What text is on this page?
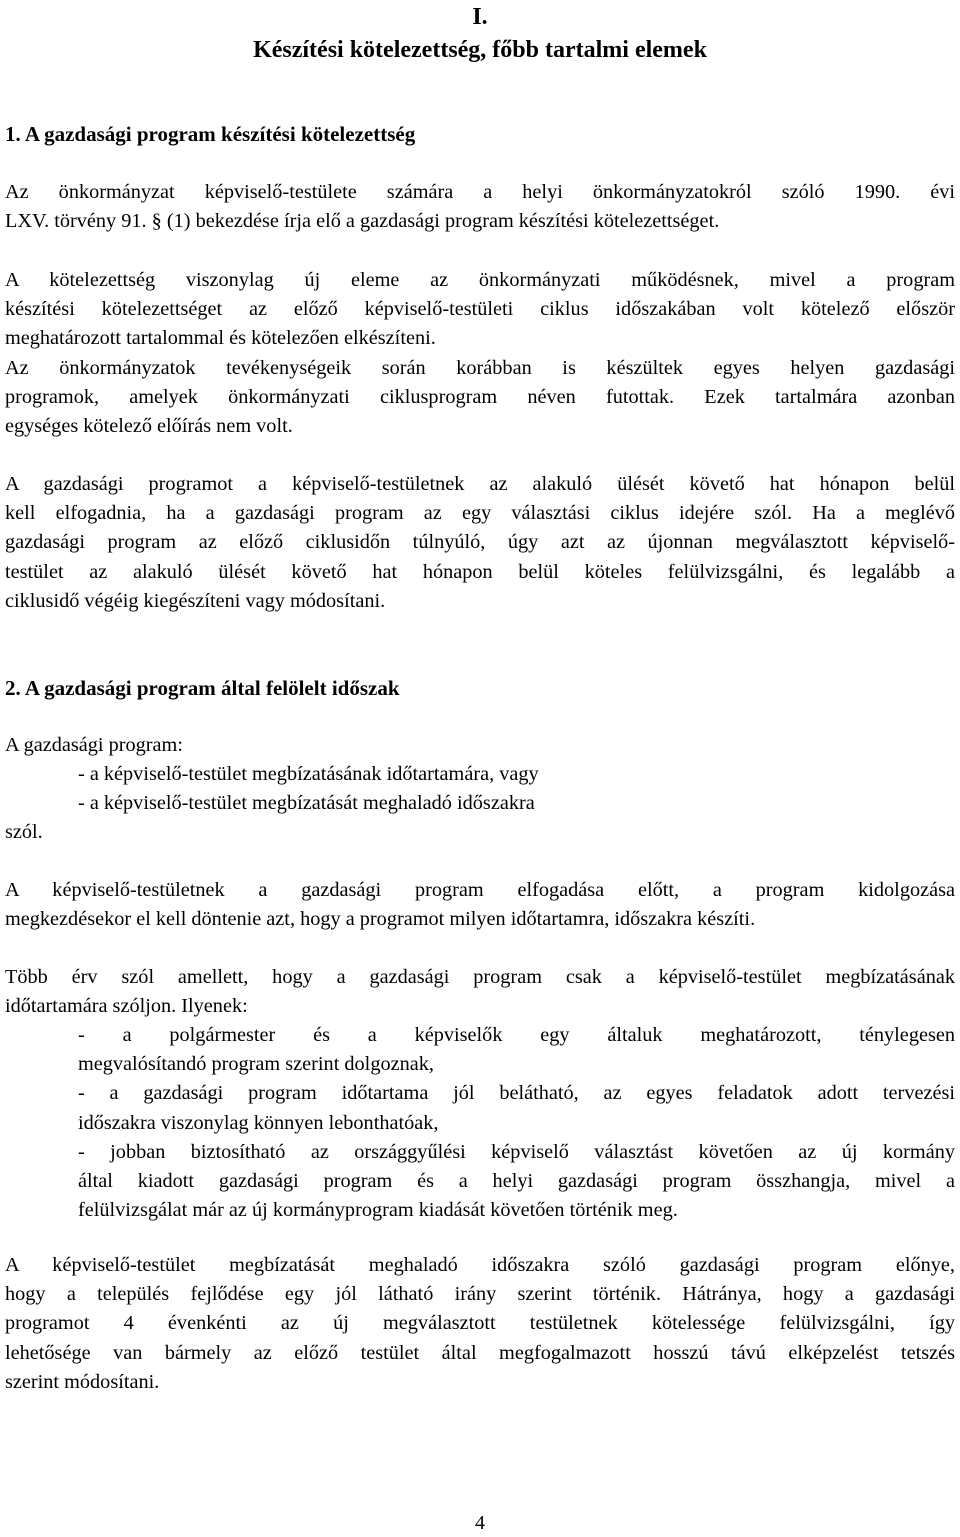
I.
Készítési kötelezettség, főbb tartalmi elemek
1. A gazdasági program készítési kötelezettség
Az önkormányzat képviselő-testülete számára a helyi önkormányzatokról szóló 1990. évi
LXV. törvény 91. § (1) bekezdése írja elő a gazdasági program készítési kötelezettséget.
A kötelezettség viszonylag új eleme az önkormányzati működésnek, mivel a program
készítési kötelezettséget az előző képviselő-testületi ciklus időszakában volt kötelező először
meghatározott tartalommal és kötelezően elkészíteni.
Az önkormányzatok tevékenységeik során korábban is készültek egyes helyen gazdasági
programok, amelyek önkormányzati ciklusprogram néven futottak. Ezek tartalmára azonban
egységes kötelező előírás nem volt.
A gazdasági programot a képviselő-testületnek az alakuló ülését követő hat hónapon belül
kell elfogadnia, ha a gazdasági program az egy választási ciklus idejére szól. Ha a meglévő
gazdasági program az előző ciklusidőn túlnyúló, úgy azt az újonnan megválasztott képviselő-
testület az alakuló ülését követő hat hónapon belül köteles felülvizsgálni, és legalább a
ciklusidő végéig kiegészíteni vagy módosítani.
2. A gazdasági program által felölelt időszak
A gazdasági program:
- a képviselő-testület megbízatásának időtartamára, vagy
- a képviselő-testület megbízatását meghaladó időszakra
szól.
A képviselő-testületnek a gazdasági program elfogadása előtt, a program kidolgozása
megkezdésekor el kell döntenie azt, hogy a programot milyen időtartamra, időszakra készíti.
Több érv szól amellett, hogy a gazdasági program csak a képviselő-testület megbízatásának
időtartamára szóljon. Ilyenek:
- a polgármester és a képviselők egy általuk meghatározott, ténylegesen
megvalósítandó program szerint dolgoznak,
- a gazdasági program időtartama jól belátható, az egyes feladatok adott tervezési
időszakra viszonylag könnyen lebonthatóak,
- jobban biztosítható az országgyűlési képviselő választást követően az új kormány
által kiadott gazdasági program és a helyi gazdasági program összhangja, mivel a
felülvizsgálat már az új kormányprogram kiadását követően történik meg.
A képviselő-testület megbízatását meghaladó időszakra szóló gazdasági program előnye,
hogy a település fejlődése egy jól látható irány szerint történik. Hátránya, hogy a gazdasági
programot 4 évenkénti az új megválasztott testületnek kötelessége felülvizsgálni, így
lehetősége van bármely az előző testület által megfogalmazott hosszú távú elképzelést tetszés
szerint módosítani.
4
